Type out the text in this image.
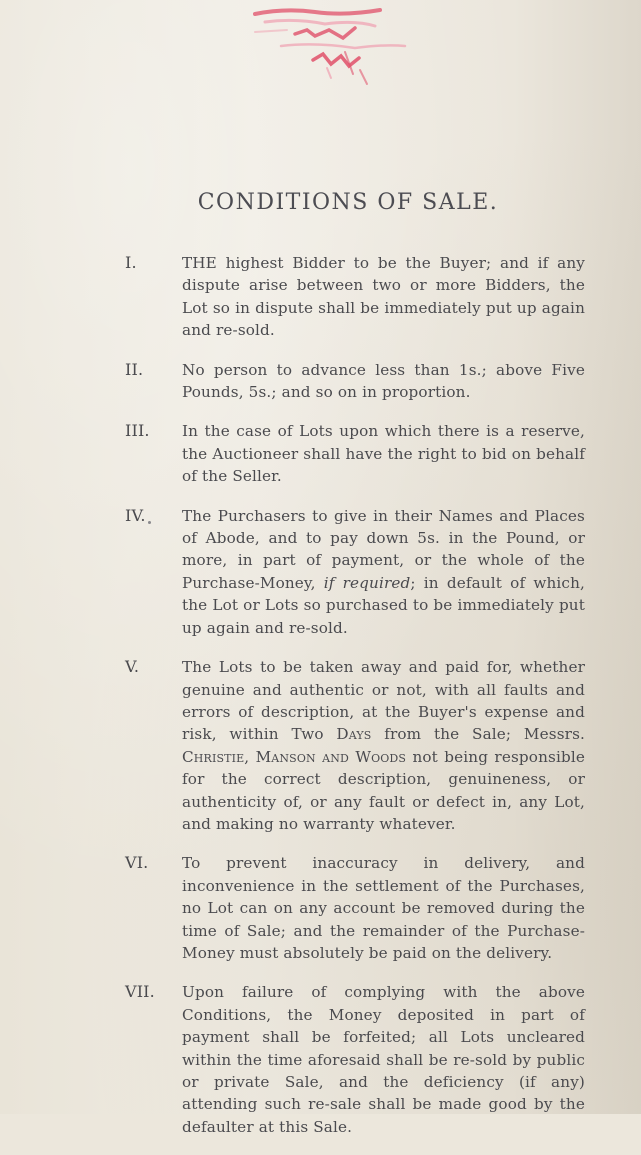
CONDITIONS OF SALE.
I.	THE highest Bidder to be the Buyer; and if any dispute arise between two or more Bidders, the Lot so in dispute shall be immediately put up again and re-sold.
II.	No person to advance less than 1s.; above Five Pounds, 5s.; and so on in proportion.
III.	In the case of Lots upon which there is a reserve, the Auctioneer shall have the right to bid on behalf of the Seller.
IV.	The Purchasers to give in their Names and Places of Abode, and to pay down 5s. in the Pound, or more, in part of payment, or the whole of the Purchase-Money, if required; in default of which, the Lot or Lots so purchased to be immediately put up again and re-sold.
V.	The Lots to be taken away and paid for, whether genuine and authentic or not, with all faults and errors of description, at the Buyer's expense and risk, within Two Days from the Sale; Messrs. Christie, Manson and Woods not being responsible for the correct description, genuineness, or authenticity of, or any fault or defect in, any Lot, and making no warranty whatever.
VI.	To prevent inaccuracy in delivery, and inconvenience in the settlement of the Purchases, no Lot can on any account be removed during the time of Sale; and the remainder of the Purchase-Money must absolutely be paid on the delivery.
VII.	Upon failure of complying with the above Conditions, the Money deposited in part of payment shall be forfeited; all Lots uncleared within the time aforesaid shall be re-sold by public or private Sale, and the deficiency (if any) attending such re-sale shall be made good by the defaulter at this Sale.
